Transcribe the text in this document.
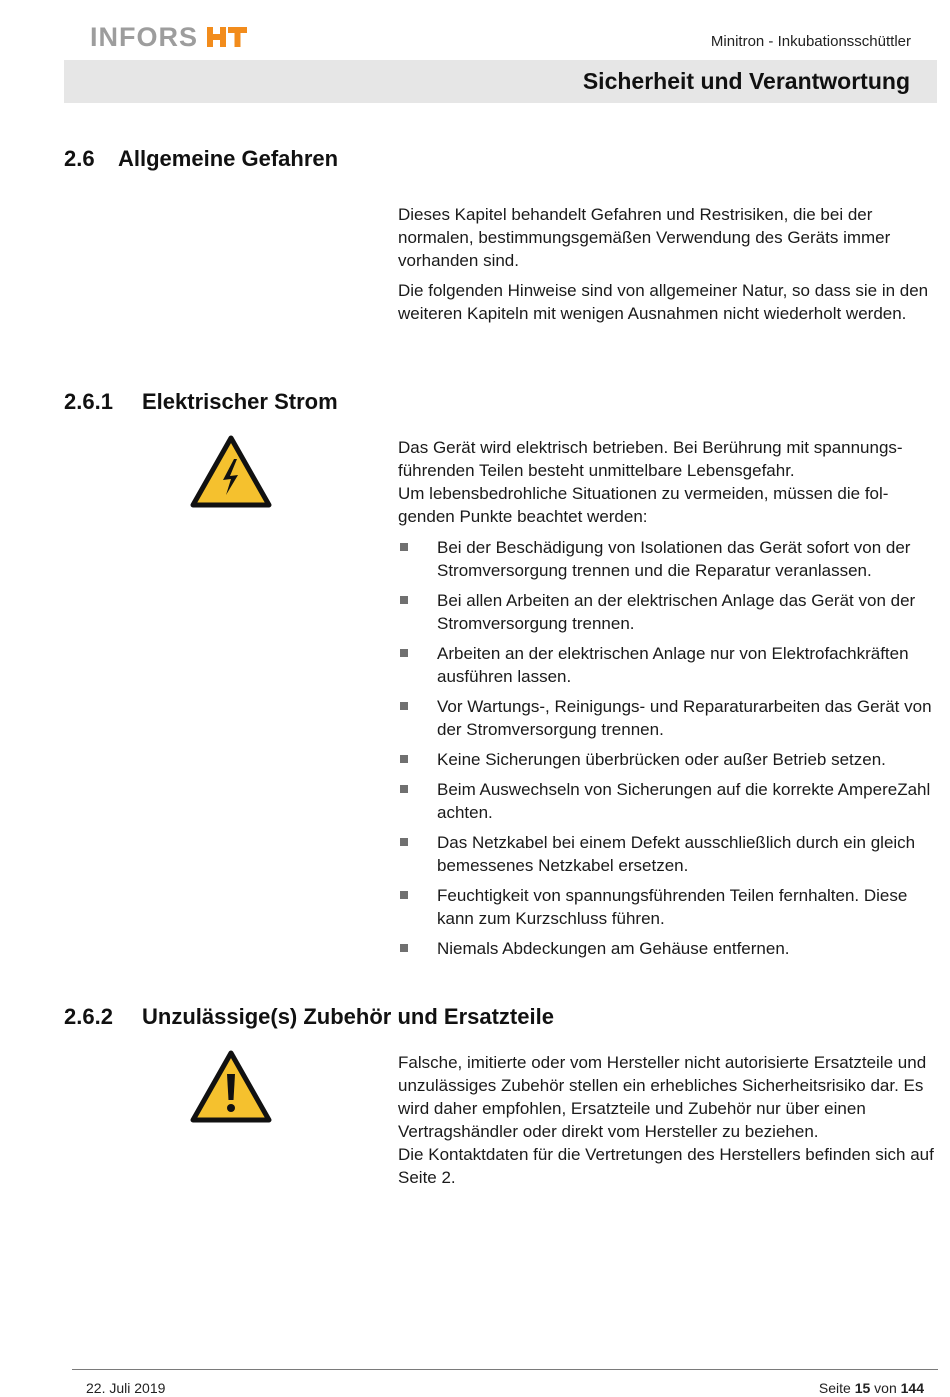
INFORS	Minitron - Inkubationsschüttler
Sicherheit und Verantwortung
2.6 Allgemeine Gefahren

Dieses Kapitel behandelt Gefahren und Restrisiken, die bei der normalen, bestimmungsgemäßen Verwendung des Geräts immer vorhanden sind.

Die folgenden Hinweise sind von allgemeiner Natur, so dass sie in den weiteren Kapiteln mit wenigen Ausnahmen nicht wiederholt werden.

2.6.1 Elektrischer Strom

Das Gerät wird elektrisch betrieben. Bei Berührung mit spannungsführenden Teilen besteht unmittelbare Lebensgefahr.

Um lebensbedrohliche Situationen zu vermeiden, müssen die folgenden Punkte beachtet werden:

Bei der Beschädigung von Isolationen das Gerät sofort von der Stromversorgung trennen und die Reparatur veranlassen.
Bei allen Arbeiten an der elektrischen Anlage das Gerät von der Stromversorgung trennen.
Arbeiten an der elektrischen Anlage nur von Elektrofachkräften ausführen lassen.
Vor Wartungs-, Reinigungs- und Reparaturarbeiten das Gerät von der Stromversorgung trennen.
Keine Sicherungen überbrücken oder außer Betrieb setzen.
Beim Auswechseln von Sicherungen auf die korrekte AmpereZahl achten.
Das Netzkabel bei einem Defekt ausschließlich durch ein gleich bemessenes Netzkabel ersetzen.
Feuchtigkeit von spannungsführenden Teilen fernhalten. Diese kann zum Kurzschluss führen.
Niemals Abdeckungen am Gehäuse entfernen.
2.6.2 Unzulässige(s) Zubehör und Ersatzteile

Falsche, imitierte oder vom Hersteller nicht autorisierte Ersatzteile und unzulässiges Zubehör stellen ein erhebliches Sicherheitsrisiko dar. Es wird daher empfohlen, Ersatzteile und Zubehör nur über einen Vertragshändler oder direkt vom Hersteller zu beziehen.

Die Kontaktdaten für die Vertretungen des Herstellers befinden sich auf Seite 2.

22. Juli 2019	Seite 15 von 144
